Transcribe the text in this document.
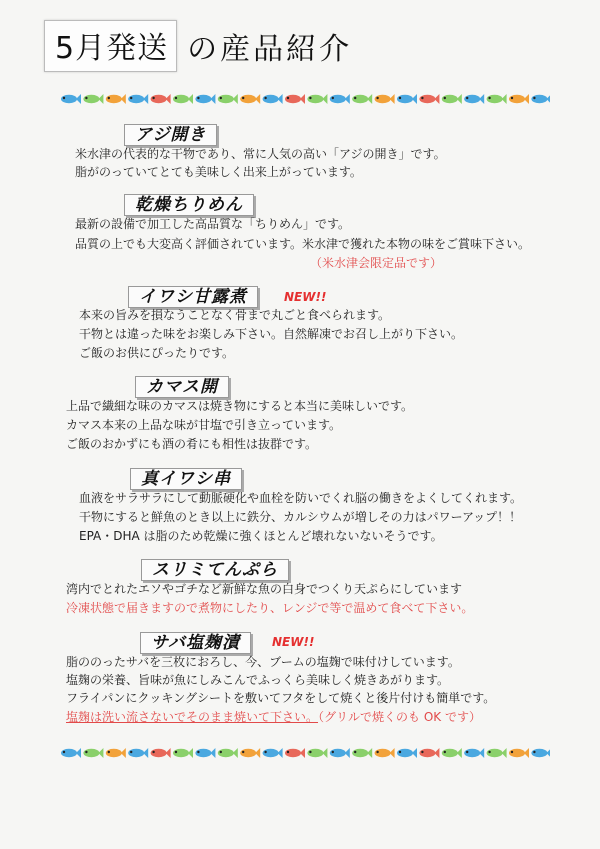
5月発送 の産品紹介
アジ開き
米水津の代表的な干物であり、常に人気の高い「アジの開き」です。
脂がのっていてとても美味しく出来上がっています。
乾燥ちりめん
最新の設備で加工した高品質な「ちりめん」です。
品質の上でも大変高く評価されています。米水津で獲れた本物の味をご賞味下さい。
（米水津会限定品です）
イワシ甘露煮	NEW!!
本来の旨みを損なうことなく骨まで丸ごと食べられます。
干物とは違った味をお楽しみ下さい。自然解凍でお召し上がり下さい。
ご飯のお供にぴったりです。
カマス開
上品で繊細な味のカマスは焼き物にすると本当に美味しいです。
カマス本来の上品な味が甘塩で引き立っています。
ご飯のおかずにも酒の肴にも相性は抜群です。
真イワシ串
血液をサラサラにして動脈硬化や血栓を防いでくれ脳の働きをよくしてくれます。
干物にすると鮮魚のとき以上に鉄分、カルシウムが増しその力はパワーアップ！！
EPA・DHA は脂のため乾燥に強くほとんど壊れないないそうです。
スリミてんぷら
湾内でとれたエソやゴチなど新鮮な魚の白身でつくり天ぷらにしています
冷凍状態で届きますので煮物にしたり、レンジで等で温めて食べて下さい。
サバ塩麹漬	NEW!!
脂ののったサバを三枚におろし、今、ブームの塩麹で味付けしています。
塩麹の栄養、旨味が魚にしみこんでふっくら美味しく焼きあがります。
フライパンにクッキングシートを敷いてフタをして焼くと後片付けも簡単です。
塩麹は洗い流さないでそのまま焼いて下さい。（グリルで焼くのも OK です）
